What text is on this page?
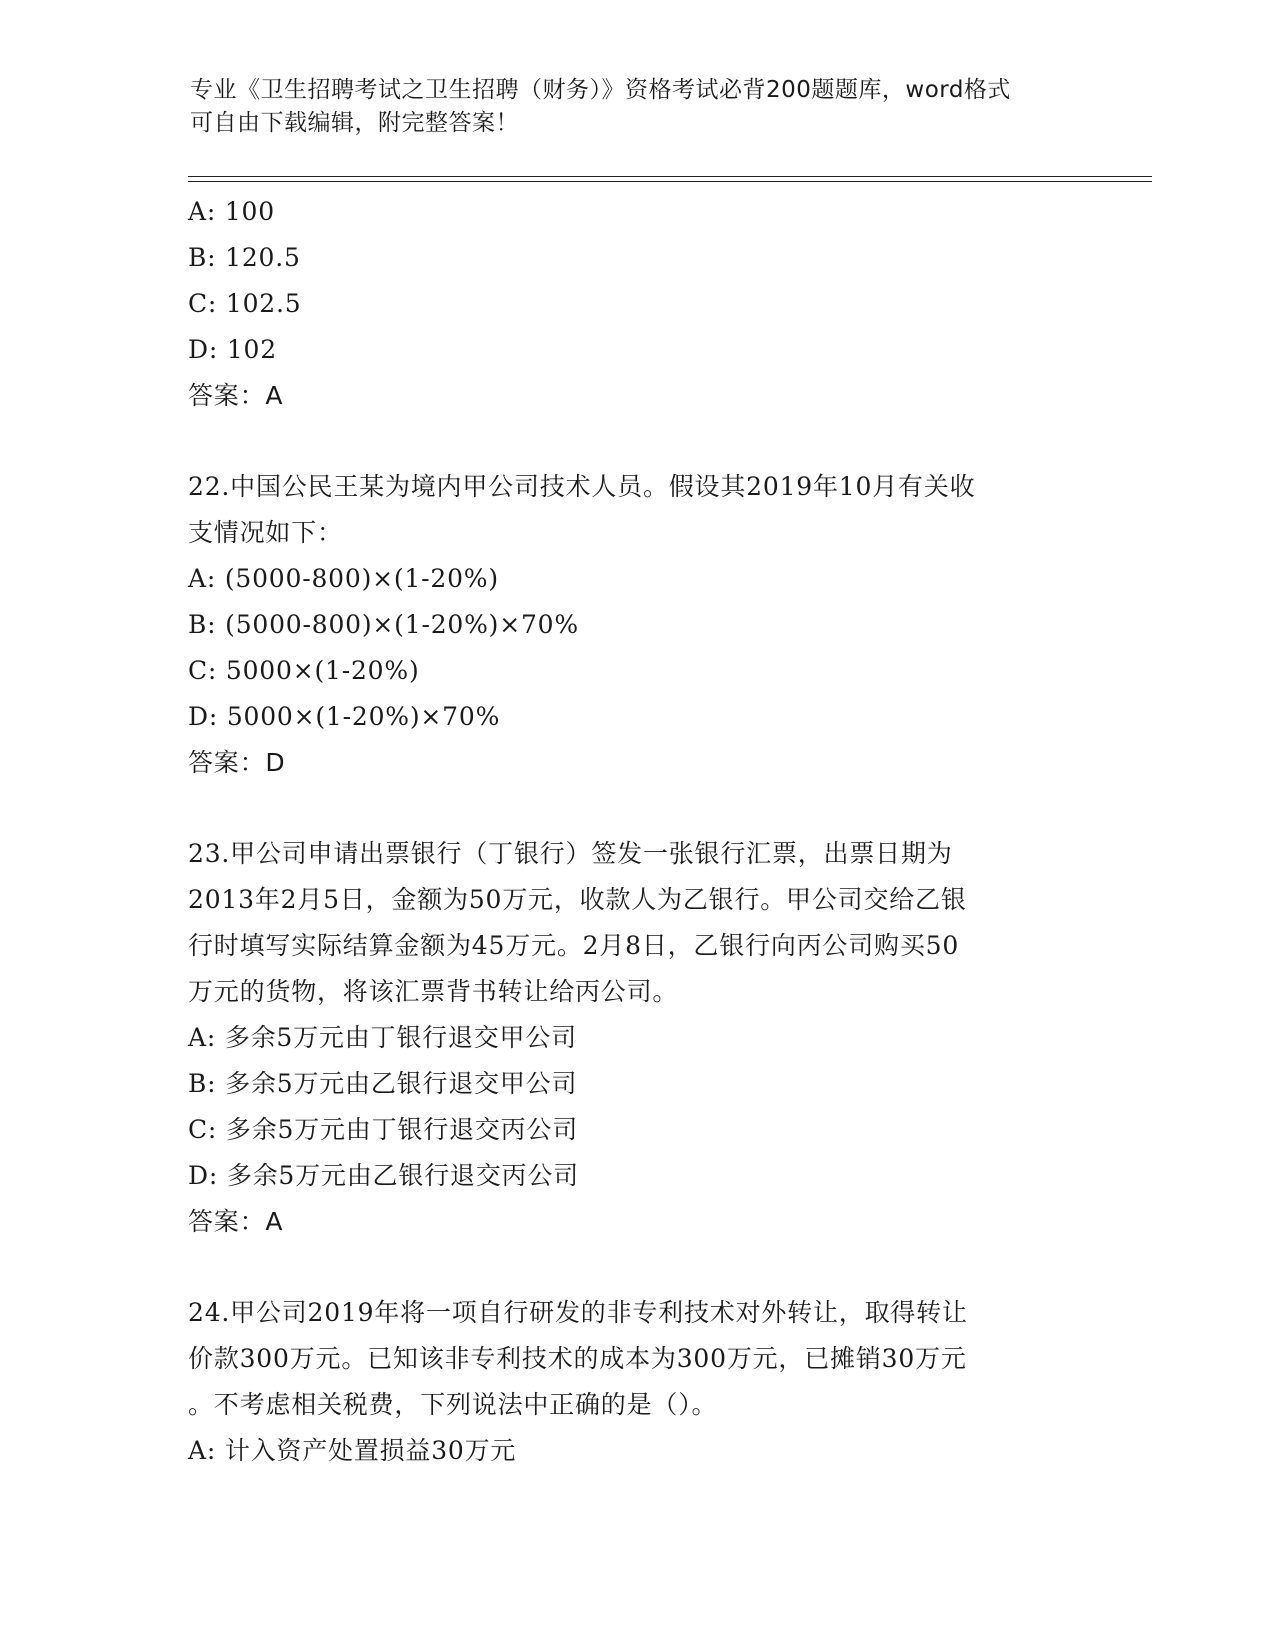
专业《卫生招聘考试之卫生招聘（财务）》资格考试必背200题题库，word格式
可自由下载编辑，附完整答案！

A: 100

B: 120.5

C: 102.5

D: 102

答案：A

22.中国公民王某为境内甲公司技术人员。假设其2019年10月有关收

支情况如下：

A: (5000-800)×(1-20%)

B: (5000-800)×(1-20%)×70%

C: 5000×(1-20%)

D: 5000×(1-20%)×70%

答案：D

23.甲公司申请出票银行（丁银行）签发一张银行汇票，出票日期为

2013年2月5日，金额为50万元，收款人为乙银行。甲公司交给乙银

行时填写实际结算金额为45万元。2月8日，乙银行向丙公司购买50

万元的货物，将该汇票背书转让给丙公司。

A: 多余5万元由丁银行退交甲公司

B: 多余5万元由乙银行退交甲公司

C: 多余5万元由丁银行退交丙公司

D: 多余5万元由乙银行退交丙公司

答案：A

24.甲公司2019年将一项自行研发的非专利技术对外转让，取得转让

价款300万元。已知该非专利技术的成本为300万元，已摊销30万元

。不考虑相关税费，下列说法中正确的是（）。

A: 计入资产处置损益30万元
